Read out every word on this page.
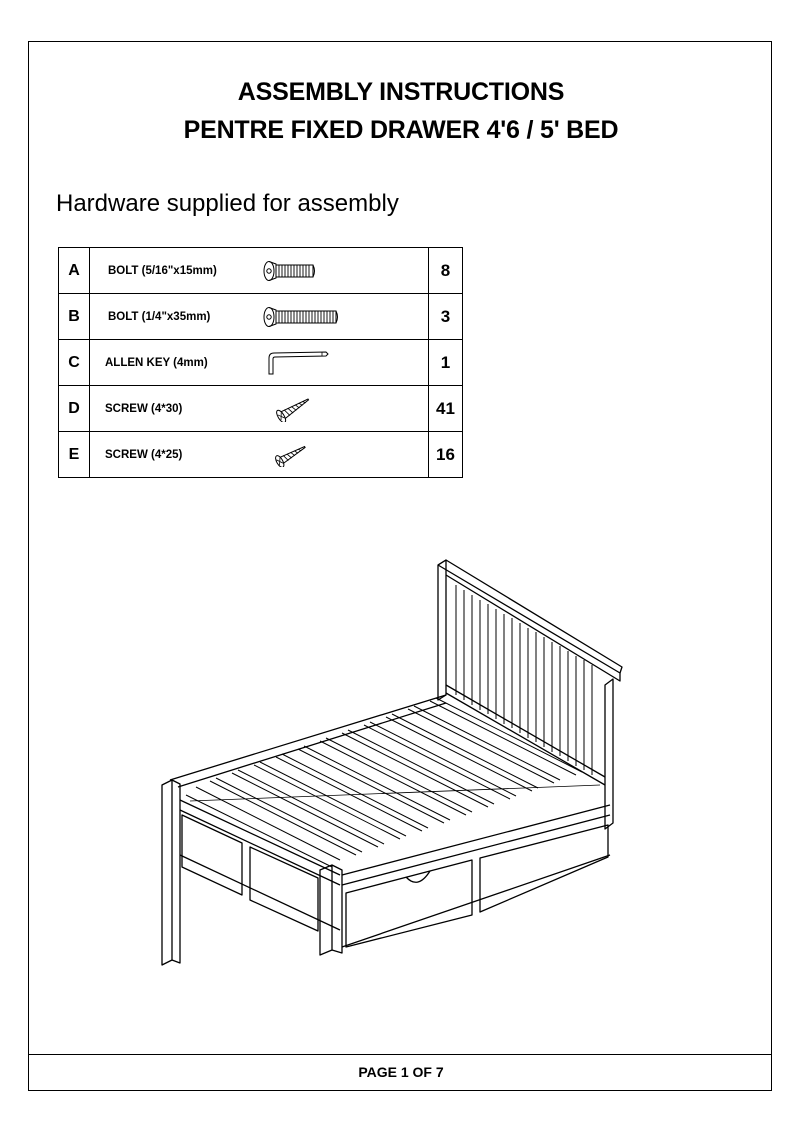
ASSEMBLY INSTRUCTIONS
PENTRE FIXED DRAWER 4'6 / 5' BED
Hardware supplied for assembly
A	BOLT (5/16"x15mm)	8
B	BOLT (1/4"x35mm)	3
C	ALLEN KEY (4mm)	1
D	SCREW (4*30)	41
E	SCREW (4*25)	16
PAGE 1 OF 7
